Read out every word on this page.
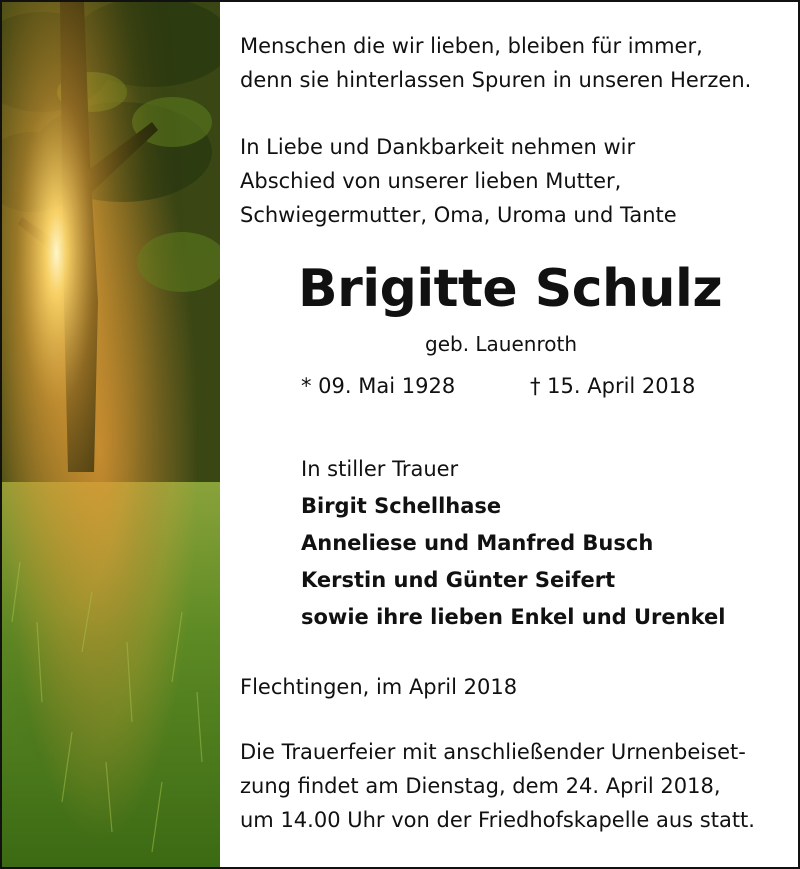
Menschen die wir lieben, bleiben für immer,
denn sie hinterlassen Spuren in unseren Herzen.
In Liebe und Dankbarkeit nehmen wir
Abschied von unserer lieben Mutter,
Schwiegermutter, Oma, Uroma und Tante
Brigitte Schulz
geb. Lauenroth
* 09. Mai 1928	† 15. April 2018
In stiller Trauer
Birgit Schellhase
Anneliese und Manfred Busch
Kerstin und Günter Seifert
sowie ihre lieben Enkel und Urenkel
Flechtingen, im April 2018
Die Trauerfeier mit anschließender Urnenbeiset-
zung findet am Dienstag, dem 24. April 2018,
um 14.00 Uhr von der Friedhofskapelle aus statt.
